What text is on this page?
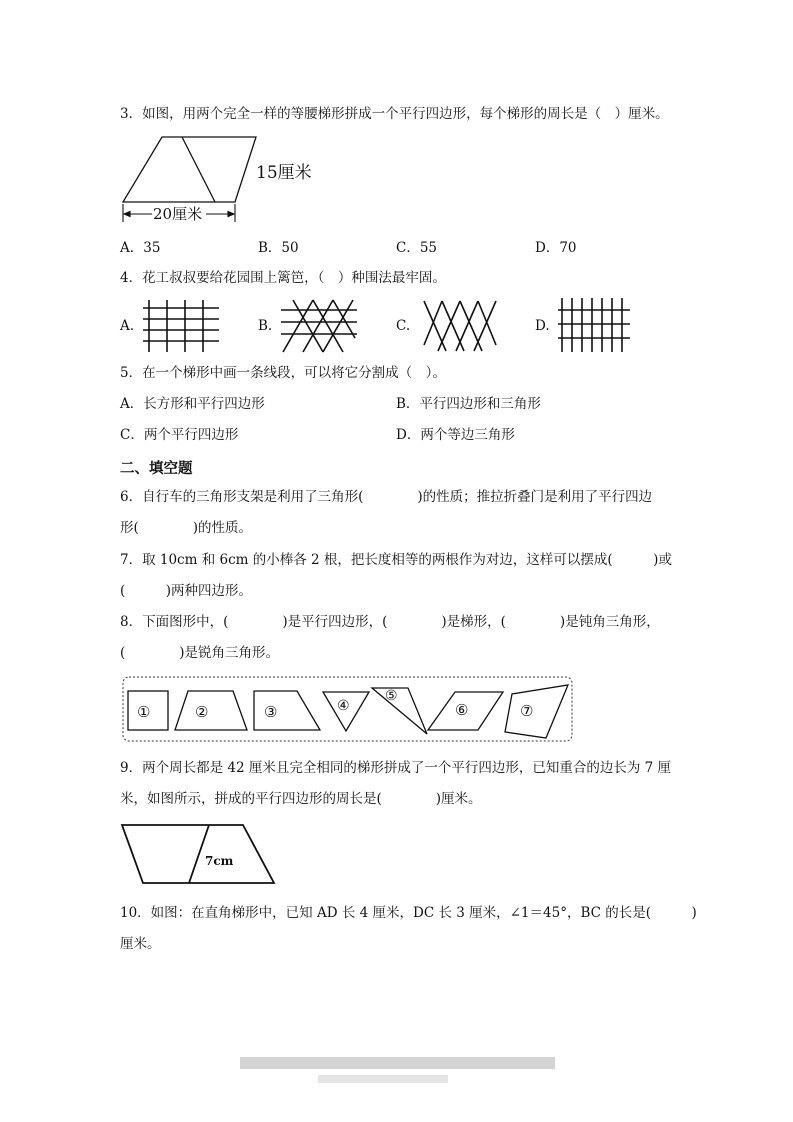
3．如图，用两个完全一样的等腰梯形拼成一个平行四边形，每个梯形的周长是（　）厘米。
15厘米
20厘米
A．35	B．50	C．55	D．70
4．花工叔叔要给花园围上篱笆，（　）种围法最牢固。
A.	B.	C.	D.
5．在一个梯形中画一条线段，可以将它分割成（　）。
A．长方形和平行四边形	B．平行四边形和三角形
C．两个平行四边形	D．两个等边三角形
二、填空题
6．自行车的三角形支架是利用了三角形(　　　　)的性质；推拉折叠门是利用了平行四边
形(　　　　)的性质。
7．取 10cm 和 6cm 的小棒各 2 根，把长度相等的两根作为对边，这样可以摆成(　　　)或
(　　　)两种四边形。
8．下面图形中，(　　　　)是平行四边形，(　　　　)是梯形，(　　　　)是钝角三角形，
(　　　　)是锐角三角形。
①	②	③	④
⑤
⑥	⑦
9．两个周长都是 42 厘米且完全相同的梯形拼成了一个平行四边形，已知重合的边长为 7 厘
米，如图所示，拼成的平行四边形的周长是(　　　　)厘米。
7cm
10．如图：在直角梯形中，已知 AD 长 4 厘米，DC 长 3 厘米，∠1＝45°，BC 的长是(　　　)
厘米。
